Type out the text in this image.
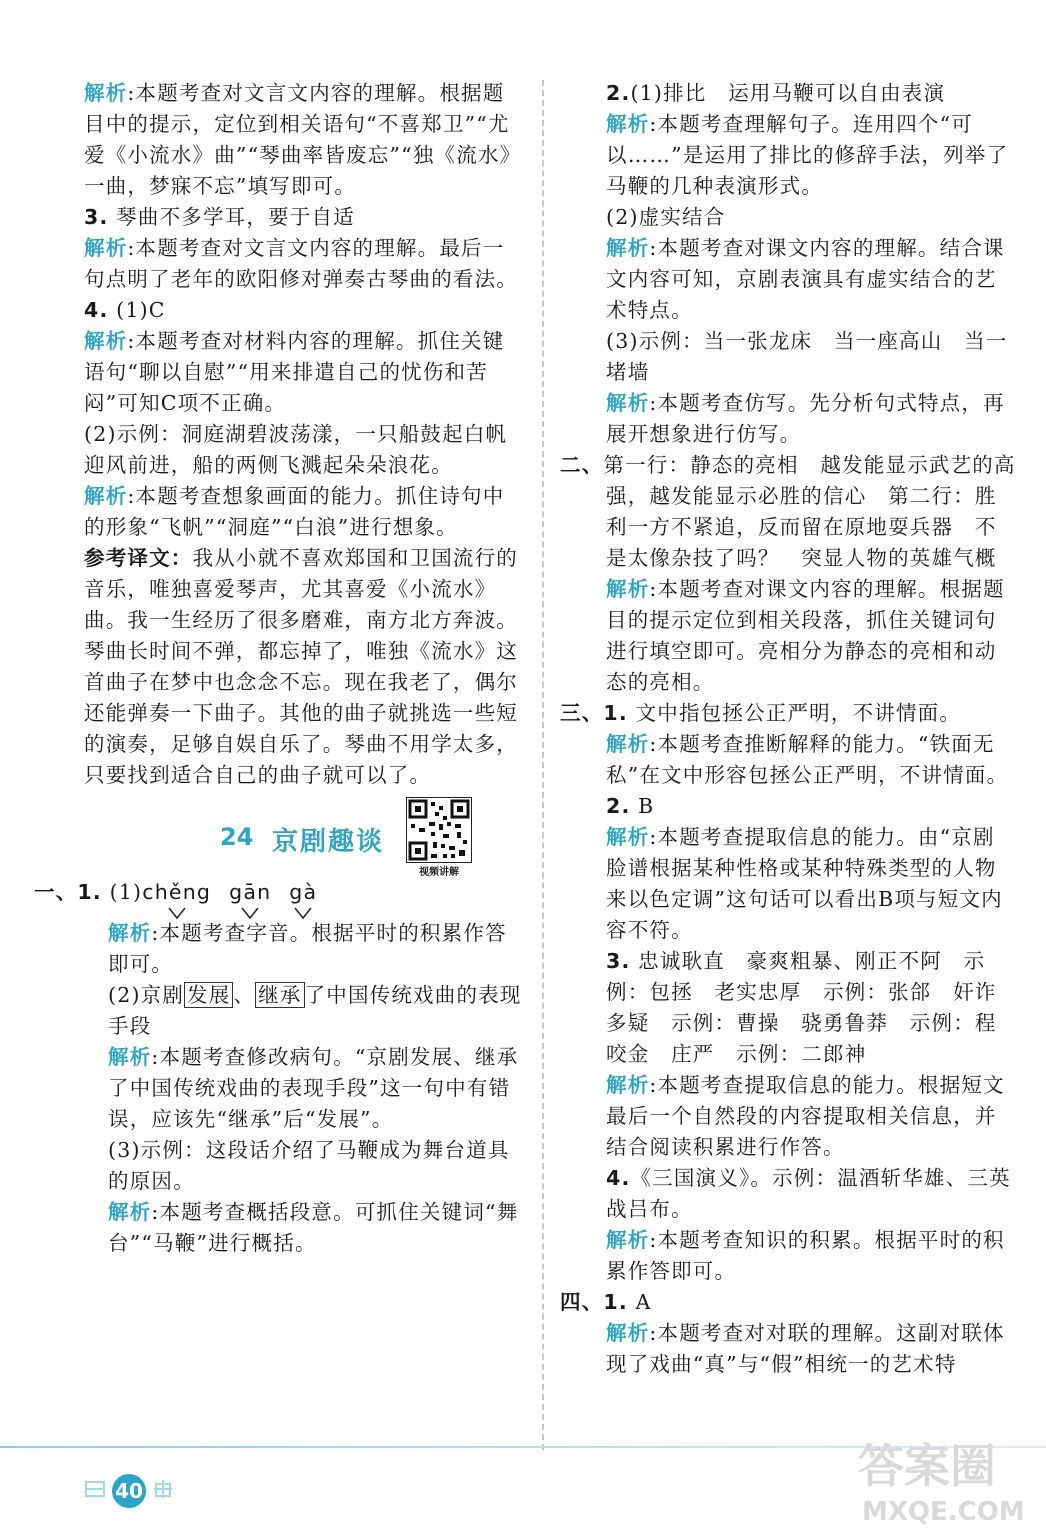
解析:本题考查对文言文内容的理解。根据题目中的提示，定位到相关语句“不喜郑卫”“尤爱《小流水》曲”“琴曲率皆废忘”“独《流水》一曲，梦寐不忘”填写即可。

3. 琴曲不多学耳，要于自适

解析:本题考查对文言文内容的理解。最后一句点明了老年的欧阳修对弹奏古琴曲的看法。

4. (1)C

解析:本题考查对材料内容的理解。抓住关键语句“聊以自慰”“用来排遣自己的忧伤和苦闷”可知C项不正确。

(2)示例：洞庭湖碧波荡漾，一只船鼓起白帆迎风前进，船的两侧飞溅起朵朵浪花。

解析:本题考查想象画面的能力。抓住诗句中的形象“飞帆”“洞庭”“白浪”进行想象。

参考译文：我从小就不喜欢郑国和卫国流行的音乐，唯独喜爱琴声，尤其喜爱《小流水》曲。我一生经历了很多磨难，南方北方奔波。琴曲长时间不弹，都忘掉了，唯独《流水》这首曲子在梦中也念念不忘。现在我老了，偶尔还能弹奏一下曲子。其他的曲子就挑选一些短的演奏，足够自娱自乐了。琴曲不用学太多，只要找到适合自己的曲子就可以了。

24 京剧趣谈
视频讲解

一、1. (1)chěng gān gà

解析:本题考查字音。根据平时的积累作答即可。

(2)京剧 发展 、 继承 了中国传统戏曲的表现手段

解析:本题考查修改病句。“京剧发展、继承了中国传统戏曲的表现手段”这一句中有错误，应该先“继承”后“发展”。

(3)示例：这段话介绍了马鞭成为舞台道具的原因。

解析:本题考查概括段意。可抓住关键词“舞台”“马鞭”进行概括。

2.(1)排比　运用马鞭可以自由表演

解析:本题考查理解句子。连用四个“可以……”是运用了排比的修辞手法，列举了马鞭的几种表演形式。

(2)虚实结合

解析:本题考查对课文内容的理解。结合课文内容可知，京剧表演具有虚实结合的艺术特点。

(3)示例：当一张龙床　当一座高山　当一堵墙

解析:本题考查仿写。先分析句式特点，再展开想象进行仿写。

二、第一行：静态的亮相　越发能显示武艺的高强，越发能显示必胜的信心　第二行：胜利一方不紧追，反而留在原地耍兵器　不是太像杂技了吗？　突显人物的英雄气概

解析:本题考查对课文内容的理解。根据题目的提示定位到相关段落，抓住关键词句进行填空即可。亮相分为静态的亮相和动态的亮相。

三、1. 文中指包拯公正严明，不讲情面。

解析:本题考查推断解释的能力。“铁面无私”在文中形容包拯公正严明，不讲情面。

2. B

解析:本题考查提取信息的能力。由“京剧脸谱根据某种性格或某种特殊类型的人物来以色定调”这句话可以看出B项与短文内容不符。

3. 忠诚耿直　豪爽粗暴、刚正不阿　示例：包拯　老实忠厚　示例：张郃　奸诈多疑　示例：曹操　骁勇鲁莽　示例：程咬金　庄严　示例：二郎神

解析:本题考查提取信息的能力。根据短文最后一个自然段的内容提取相关信息，并结合阅读积累进行作答。

4.《三国演义》。示例：温酒斩华雄、三英战吕布。

解析:本题考查知识的积累。根据平时的积累作答即可。

四、1. A

解析:本题考查对对联的理解。这副对联体现了戏曲“真”与“假”相统一的艺术特

40	答案圈
MXQE.COM
